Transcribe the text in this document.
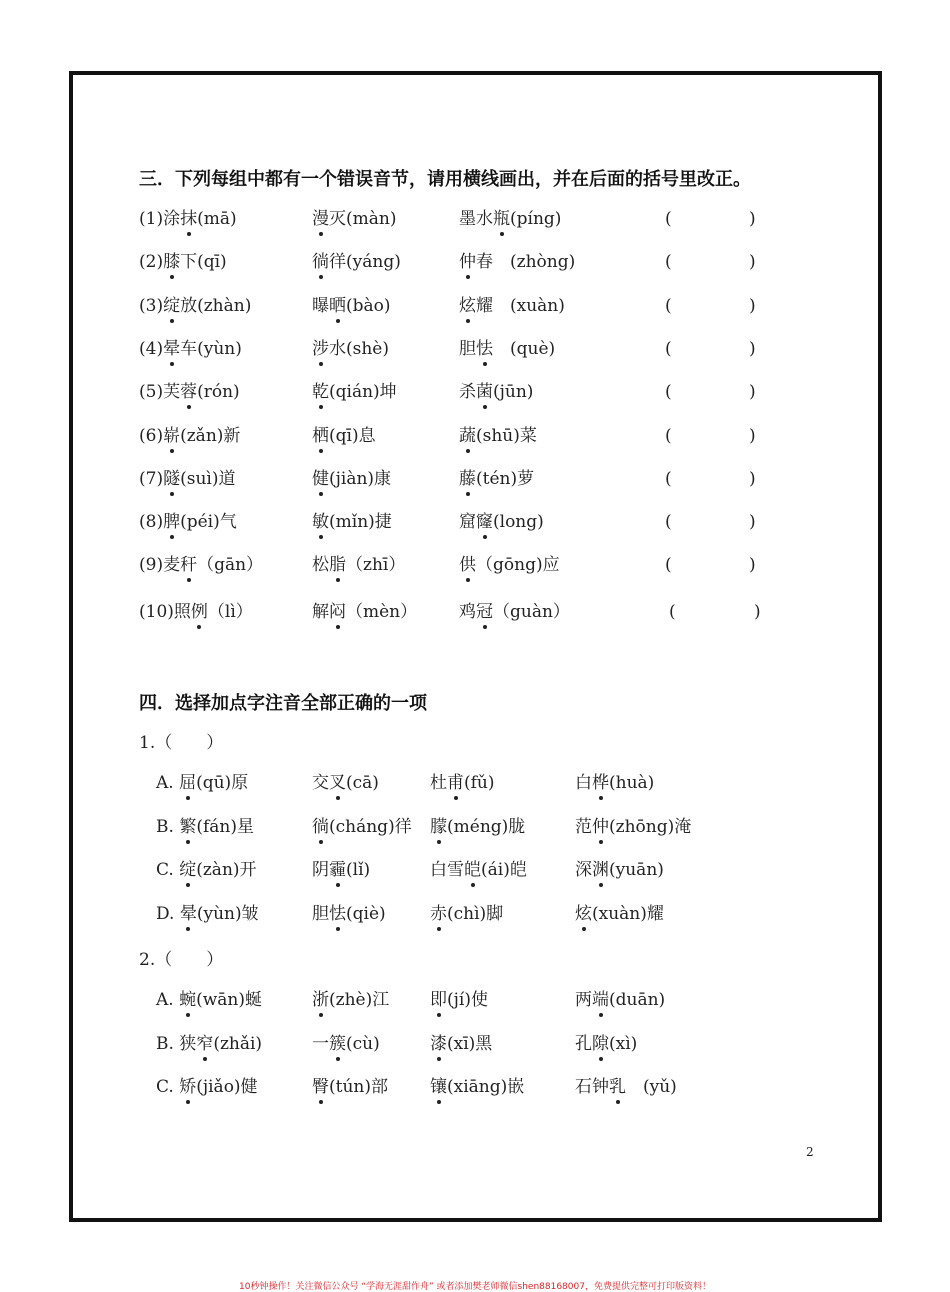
三．下列每组中都有一个错误音节，请用横线画出，并在后面的括号里改正。
(1)涂抹(mā)	漫灭(màn)	墨水瓶(píng)	(	)
(2)膝下(qī)	徜徉(yáng)	仲春　(zhòng)	(	)
(3)绽放(zhàn)	曝晒(bào)	炫耀　(xuàn)	(	)
(4)晕车(yùn)	涉水(shè)	胆怯　(què)	(	)
(5)芙蓉(rón)	乾(qián)坤	杀菌(jūn)	(	)
(6)崭(zǎn)新	栖(qī)息	蔬(shū)菜	(	)
(7)隧(suì)道	健(jiàn)康	藤(tén)萝	(	)
(8)脾(péi)气	敏(mǐn)捷	窟窿(long)	(	)
(9)麦秆（gān）	松脂（zhī）	供（gōng)应	(	)
(10)照例（lì）	解闷（mèn） 鸡冠（guàn）	(	)
四．选择加点字注音全部正确的一项
1.（　　）
A. 屈(qū)原	交叉(cā)	杜甫(fǔ)	白桦(huà)
B. 繁(fán)星	徜(cháng)徉 朦(méng)胧	范仲(zhōng)淹
C. 绽(zàn)开	阴霾(lǐ)	白雪皑(ái)皑	深渊(yuān)
D. 晕(yùn)皱	胆怯(qiè)	赤(chì)脚	炫(xuàn)耀
2.（　　）
A. 蜿(wān)蜒	浙(zhè)江 即(jí)使	两端(duān)
B. 狭窄(zhǎi)	一簇(cù)	漆(xī)黑	孔隙(xì)
C. 矫(jiǎo)健	臀(tún)部 镶(xiāng)嵌	石钟乳　(yǔ)
2
10秒钟操作！关注微信公众号 “学海无涯甜作舟” 或者添加樊老师微信shen88168007，免费提供完整可打印版资料！
